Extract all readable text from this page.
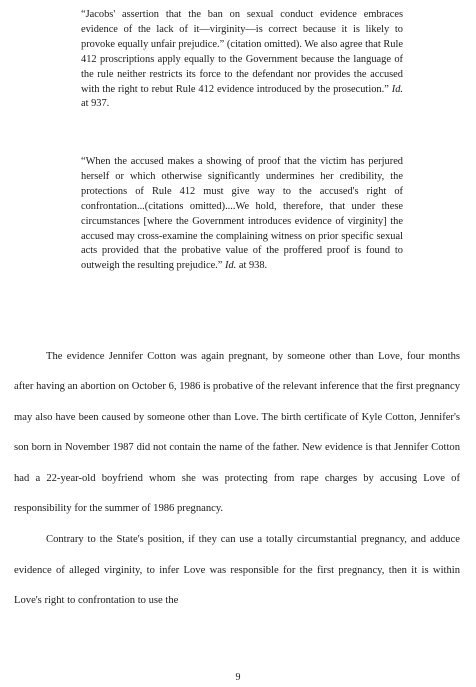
“Jacobs' assertion that the ban on sexual conduct evidence embraces evidence of the lack of it—virginity—is correct because it is likely to provoke equally unfair prejudice.” (citation omitted). We also agree that Rule 412 proscriptions apply equally to the Government because the language of the rule neither restricts its force to the defendant nor provides the accused with the right to rebut Rule 412 evidence introduced by the prosecution.” Id. at 937.

“When the accused makes a showing of proof that the victim has perjured herself or which otherwise significantly undermines her credibility, the protections of Rule 412 must give way to the accused's right of confrontation...(citations omitted)....We hold, therefore, that under these circumstances [where the Government introduces evidence of virginity] the accused may cross-examine the complaining witness on prior specific sexual acts provided that the probative value of the proffered proof is found to outweigh the resulting prejudice.” Id. at 938.

The evidence Jennifer Cotton was again pregnant, by someone other than Love, four months after having an abortion on October 6, 1986 is probative of the relevant inference that the first pregnancy may also have been caused by someone other than Love. The birth certificate of Kyle Cotton, Jennifer's son born in November 1987 did not contain the name of the father. New evidence is that Jennifer Cotton had a 22-year-old boyfriend whom she was protecting from rape charges by accusing Love of responsibility for the summer of 1986 pregnancy.

Contrary to the State's position, if they can use a totally circumstantial pregnancy, and adduce evidence of alleged virginity, to infer Love was responsible for the first pregnancy, then it is within Love's right to confrontation to use the

9
